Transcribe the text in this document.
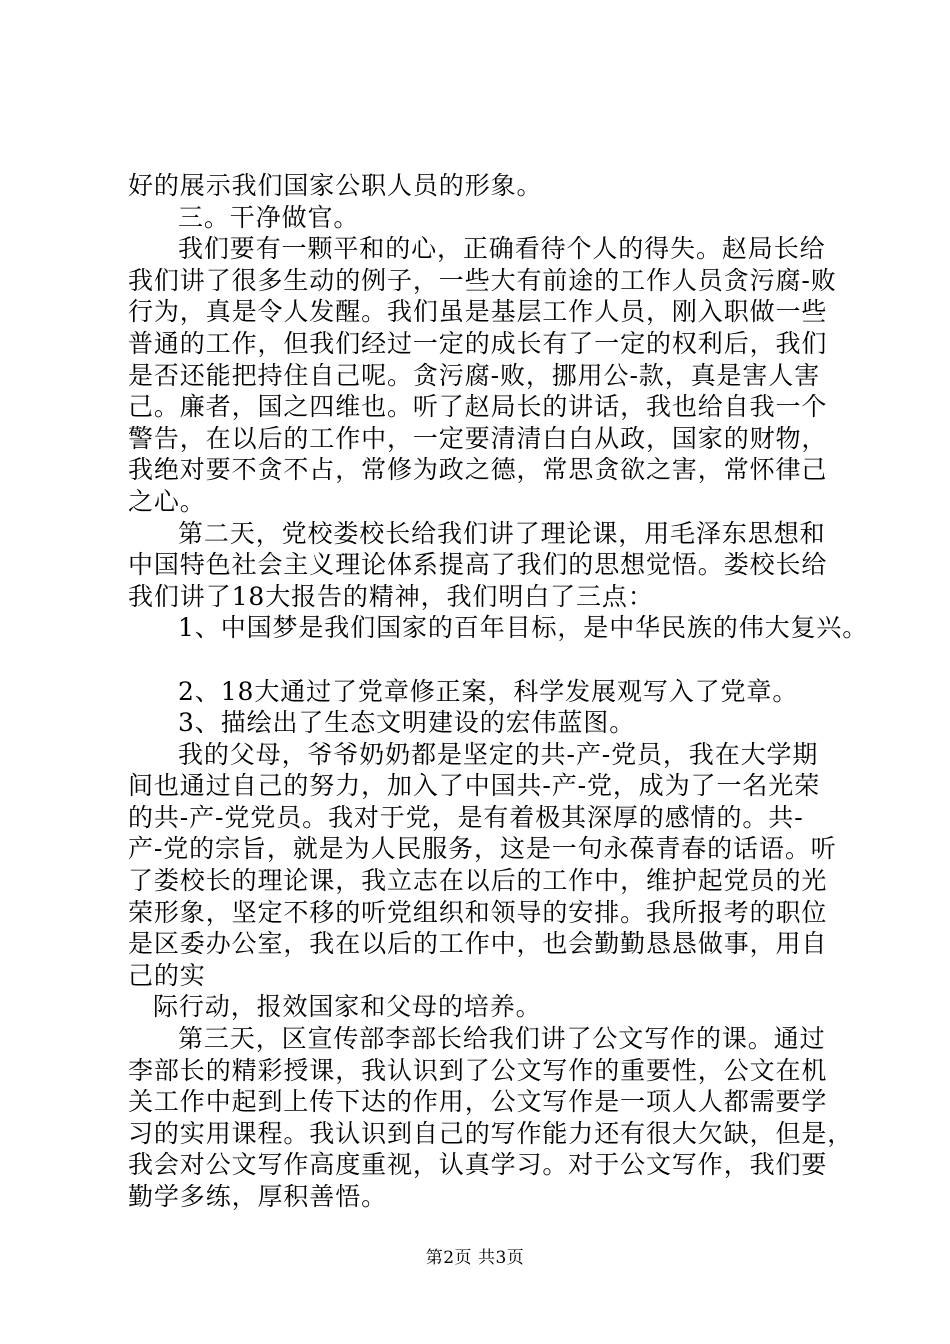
好的展示我们国家公职人员的形象。
三。干净做官。
我们要有一颗平和的心，正确看待个人的得失。赵局长给
我们讲了很多生动的例子，一些大有前途的工作人员贪污腐-败
行为，真是令人发醒。我们虽是基层工作人员，刚入职做一些
普通的工作，但我们经过一定的成长有了一定的权利后，我们
是否还能把持住自己呢。贪污腐-败，挪用公-款，真是害人害
己。廉者，国之四维也。听了赵局长的讲话，我也给自我一个
警告，在以后的工作中，一定要清清白白从政，国家的财物，
我绝对要不贪不占，常修为政之德，常思贪欲之害，常怀律己
之心。
第二天，党校娄校长给我们讲了理论课，用毛泽东思想和
中国特色社会主义理论体系提高了我们的思想觉悟。娄校长给
我们讲了18大报告的精神，我们明白了三点：
1、中国梦是我们国家的百年目标，是中华民族的伟大复兴。
2、18大通过了党章修正案，科学发展观写入了党章。
3、描绘出了生态文明建设的宏伟蓝图。
我的父母，爷爷奶奶都是坚定的共-产-党员，我在大学期
间也通过自己的努力，加入了中国共-产-党，成为了一名光荣
的共-产-党党员。我对于党，是有着极其深厚的感情的。共-
产-党的宗旨，就是为人民服务，这是一句永葆青春的话语。听
了娄校长的理论课，我立志在以后的工作中，维护起党员的光
荣形象，坚定不移的听党组织和领导的安排。我所报考的职位
是区委办公室，我在以后的工作中，也会勤勤恳恳做事，用自
己的实
际行动，报效国家和父母的培养。
第三天，区宣传部李部长给我们讲了公文写作的课。通过
李部长的精彩授课，我认识到了公文写作的重要性，公文在机
关工作中起到上传下达的作用，公文写作是一项人人都需要学
习的实用课程。我认识到自己的写作能力还有很大欠缺，但是，
我会对公文写作高度重视，认真学习。对于公文写作，我们要
勤学多练，厚积善悟。
第2页 共3页
